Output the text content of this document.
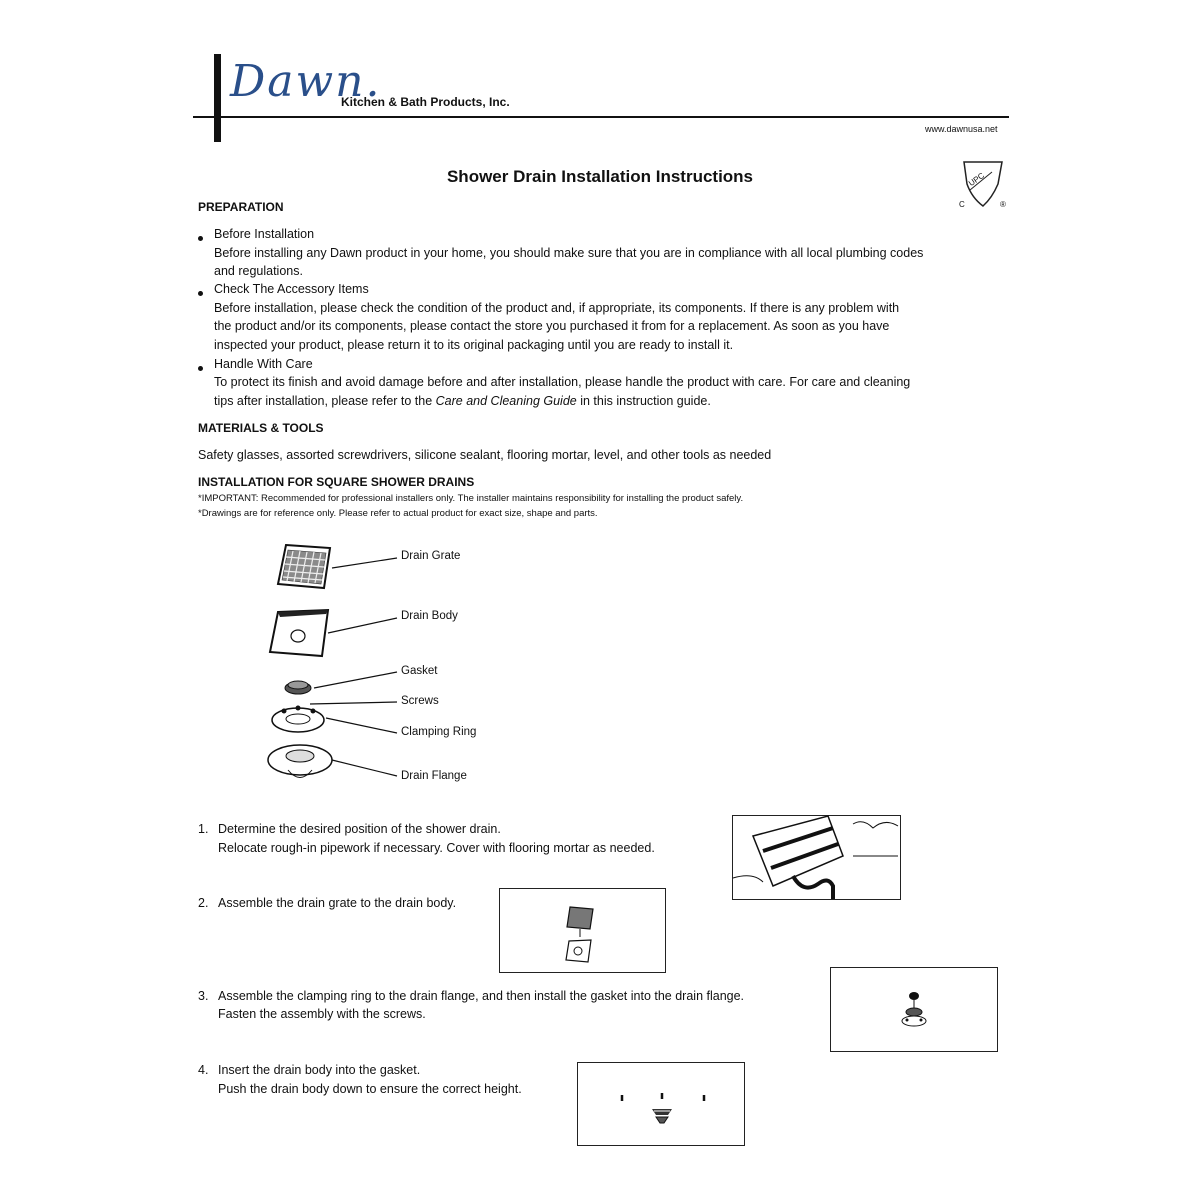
Dawn.
Kitchen & Bath Products, Inc.
www.dawnusa.net
Shower Drain Installation Instructions	UPC
C	®
PREPARATION
Before Installation
Before installing any Dawn product in your home, you should make sure that you are in compliance with all local plumbing codes
and regulations.
Check The Accessory Items
Before installation, please check the condition of the product and, if appropriate, its components. If there is any problem with
the product and/or its components, please contact the store you purchased it from for a replacement. As soon as you have
inspected your product, please return it to its original packaging until you are ready to install it.
Handle With Care
To protect its finish and avoid damage before and after installation, please handle the product with care. For care and cleaning
tips after installation, please refer to the Care and Cleaning Guide in this instruction guide.
MATERIALS & TOOLS
Safety glasses, assorted screwdrivers, silicone sealant, flooring mortar, level, and other tools as needed
INSTALLATION FOR SQUARE SHOWER DRAINS
*IMPORTANT: Recommended for professional installers only. The installer maintains responsibility for installing the product safely.
*Drawings are for reference only. Please refer to actual product for exact size, shape and parts.
Drain Grate
Drain Body
Gasket
Screws
Clamping Ring
Drain Flange
1. Determine the desired position of the shower drain.
Relocate rough-in pipework if necessary. Cover with flooring mortar as needed.
2. Assemble the drain grate to the drain body.
3. Assemble the clamping ring to the drain flange, and then install the gasket into the drain flange.
Fasten the assembly with the screws.
4. Insert the drain body into the gasket.
Push the drain body down to ensure the correct height.
